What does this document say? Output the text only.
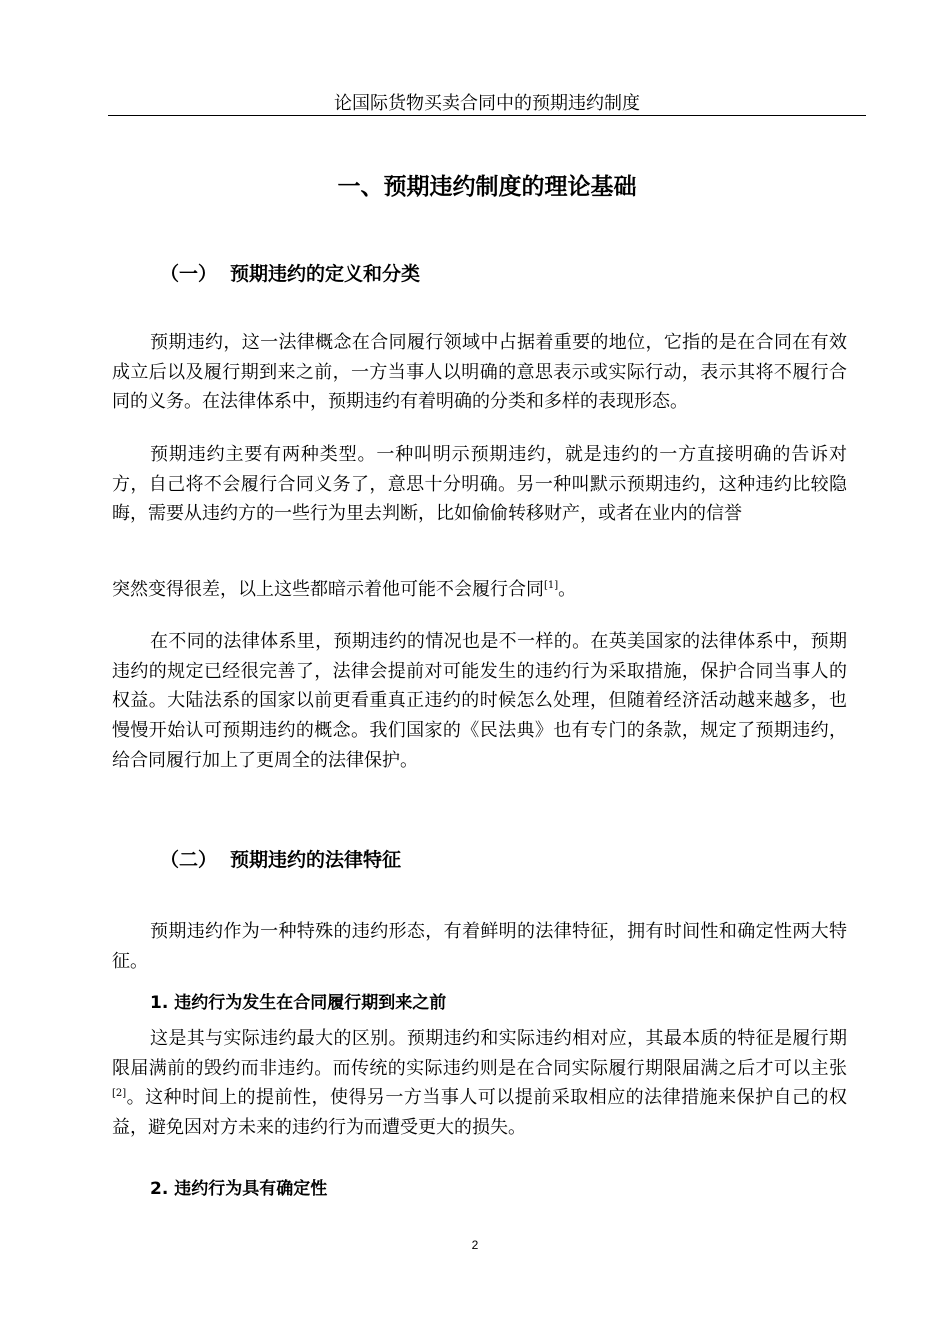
论国际货物买卖合同中的预期违约制度
一、预期违约制度的理论基础
（一） 预期违约的定义和分类

预期违约，这一法律概念在合同履行领域中占据着重要的地位，它指的是在合同在有效成立后以及履行期到来之前，一方当事人以明确的意思表示或实际行动，表示其将不履行合同的义务。在法律体系中，预期违约有着明确的分类和多样的表现形态。

预期违约主要有两种类型。一种叫明示预期违约，就是违约的一方直接明确的告诉对方，自己将不会履行合同义务了，意思十分明确。另一种叫默示预期违约，这种违约比较隐晦，需要从违约方的一些行为里去判断，比如偷偷转移财产，或者在业内的信誉

突然变得很差，以上这些都暗示着他可能不会履行合同[1]。

在不同的法律体系里，预期违约的情况也是不一样的。在英美国家的法律体系中，预期违约的规定已经很完善了，法律会提前对可能发生的违约行为采取措施，保护合同当事人的权益。大陆法系的国家以前更看重真正违约的时候怎么处理，但随着经济活动越来越多，也慢慢开始认可预期违约的概念。我们国家的《民法典》也有专门的条款，规定了预期违约，给合同履行加上了更周全的法律保护。

（二） 预期违约的法律特征

预期违约作为一种特殊的违约形态，有着鲜明的法律特征，拥有时间性和确定性两大特征。

1. 违约行为发生在合同履行期到来之前

这是其与实际违约最大的区别。预期违约和实际违约相对应，其最本质的特征是履行期限届满前的毁约而非违约。而传统的实际违约则是在合同实际履行期限届满之后才可以主张[2]。这种时间上的提前性，使得另一方当事人可以提前采取相应的法律措施来保护自己的权益，避免因对方未来的违约行为而遭受更大的损失。

2. 违约行为具有确定性
2
